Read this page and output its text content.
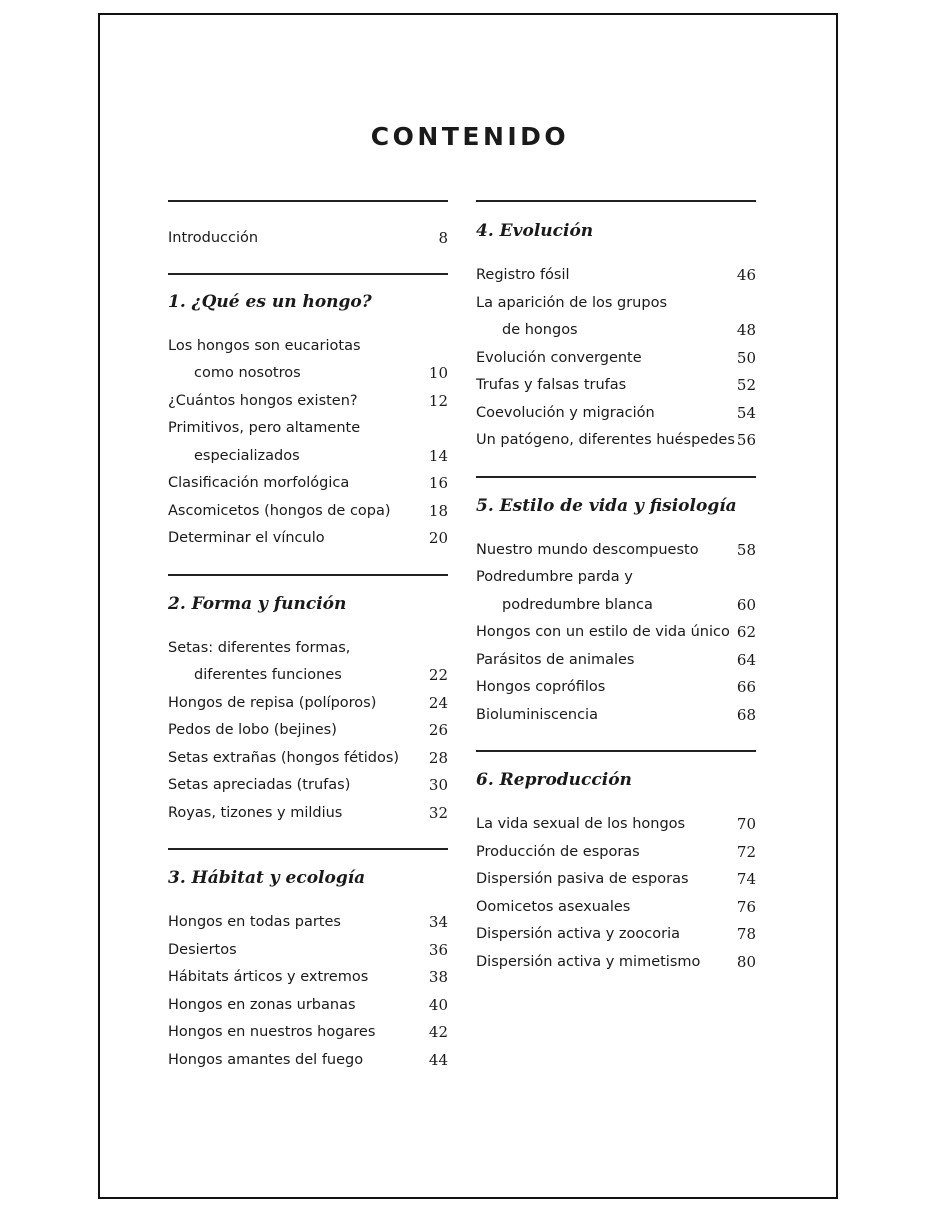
CONTENIDO
Introducción	8
1. ¿Qué es un hongo?
Los hongos son eucariotas
como nosotros	10
¿Cuántos hongos existen?	12
Primitivos, pero altamente
especializados	14
Clasificación morfológica	16
Ascomicetos (hongos de copa)	18
Determinar el vínculo	20
2. Forma y función
Setas: diferentes formas,
diferentes funciones	22
Hongos de repisa (políporos)	24
Pedos de lobo (bejines)	26
Setas extrañas (hongos fétidos) 28
Setas apreciadas (trufas)	30
Royas, tizones y mildius	32
3. Hábitat y ecología
Hongos en todas partes	34
Desiertos	36
Hábitats árticos y extremos	38
Hongos en zonas urbanas	40
Hongos en nuestros hogares	42
Hongos amantes del fuego	44
4. Evolución
Registro fósil	46
La aparición de los grupos
de hongos	48
Evolución convergente	50
Trufas y falsas trufas	52
Coevolución y migración	54
Un patógeno, diferentes huéspedes 56
5. Estilo de vida y fisiología
Nuestro mundo descompuesto	58
Podredumbre parda y
podredumbre blanca	60
Hongos con un estilo de vida único 62
Parásitos de animales	64
Hongos coprófilos	66
Bioluminiscencia	68
6. Reproducción
La vida sexual de los hongos	70
Producción de esporas	72
Dispersión pasiva de esporas	74
Oomicetos asexuales	76
Dispersión activa y zoocoria	78
Dispersión activa y mimetismo 80
